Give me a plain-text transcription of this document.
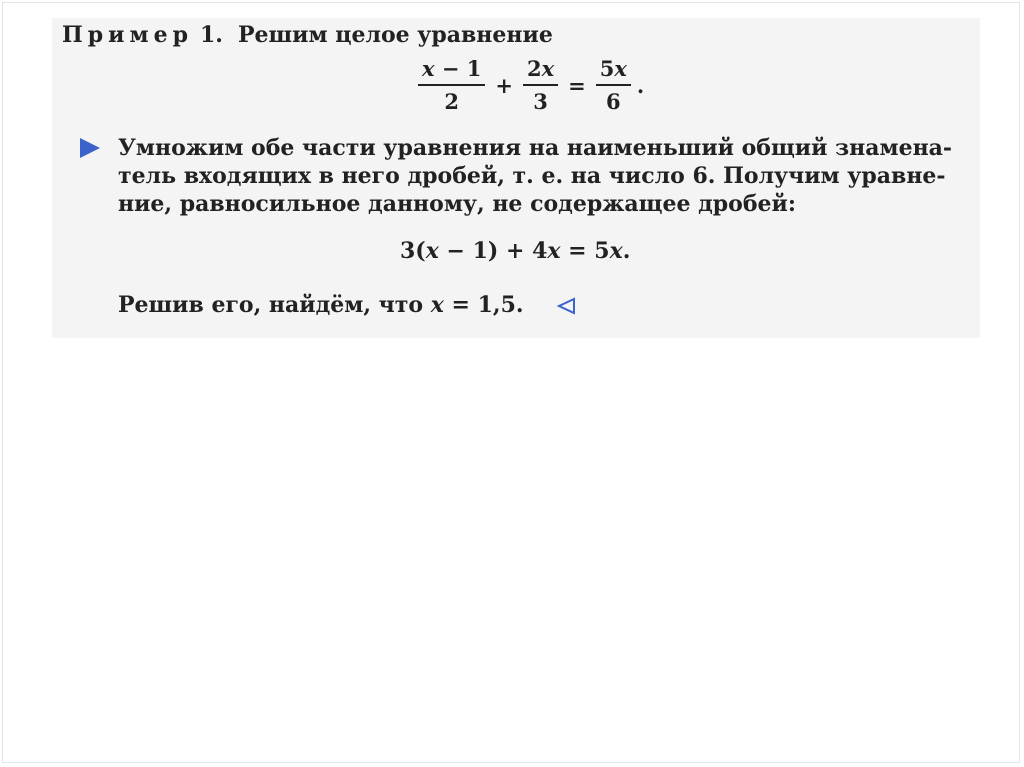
Пример 1. Решим целое уравнение
$\frac{x - 1}{2} + \frac{2x}{3} = \frac{5x}{6}$ .
Умножим обе части уравнения на наименьший общий знамена-
тель входящих в него дробей, т. е. на число 6. Получим уравне-
ние, равносильное данному, не содержащее дробей:
3(x − 1) + 4x = 5x.
Решив его, найдём, что x = 1,5.
